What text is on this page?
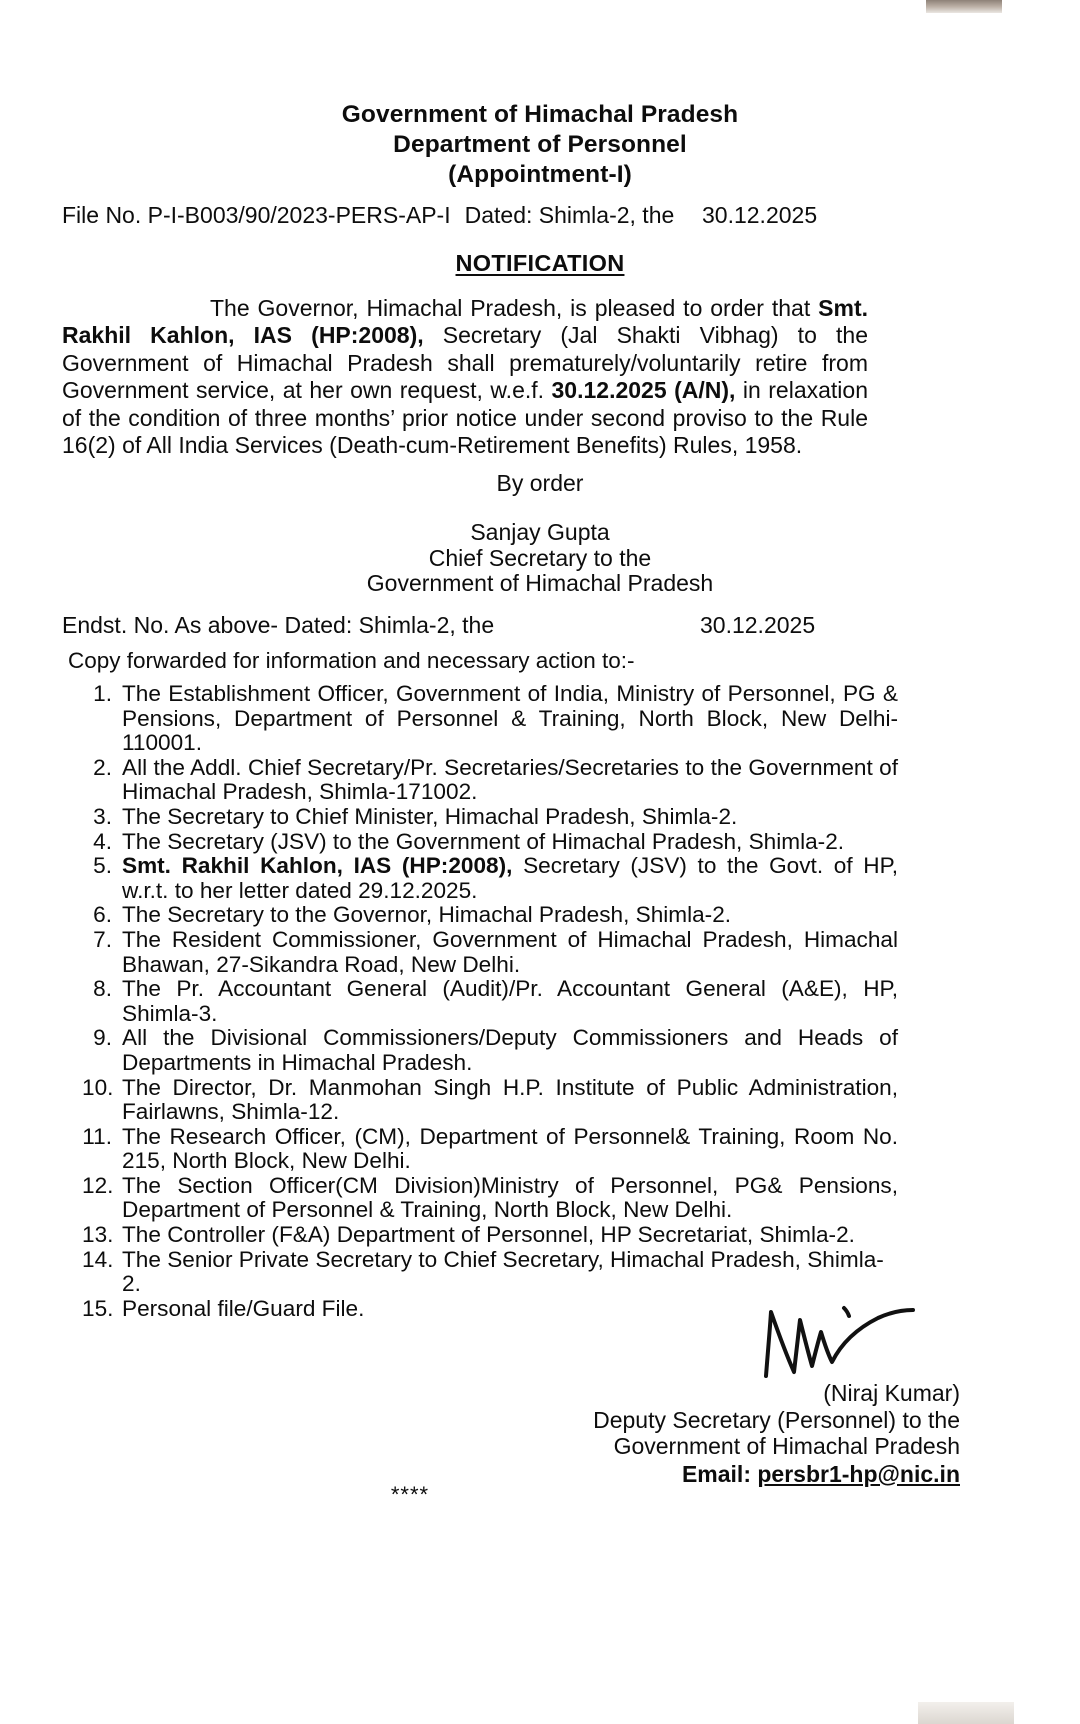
Government of Himachal Pradesh
Department of Personnel
(Appointment-I)
File No. P-I-B003/90/2023-PERS-AP-I Dated: Shimla-2, the 30.12.2025
NOTIFICATION
The Governor, Himachal Pradesh, is pleased to order that Smt. Rakhil Kahlon, IAS (HP:2008), Secretary (Jal Shakti Vibhag) to the Government of Himachal Pradesh shall prematurely/voluntarily retire from Government service, at her own request, w.e.f. 30.12.2025 (A/N), in relaxation of the condition of three months’ prior notice under second proviso to the Rule 16(2) of All India Services (Death-cum-Retirement Benefits) Rules, 1958.
By order
Sanjay Gupta
Chief Secretary to the
Government of Himachal Pradesh
Endst. No. As above- Dated: Shimla-2, the	30.12.2025
Copy forwarded for information and necessary action to:-
1. The Establishment Officer, Government of India, Ministry of Personnel, PG & Pensions, Department of Personnel & Training, North Block, New Delhi-110001.
2. All the Addl. Chief Secretary/Pr. Secretaries/Secretaries to the Government of Himachal Pradesh, Shimla-171002.
3. The Secretary to Chief Minister, Himachal Pradesh, Shimla-2.
4. The Secretary (JSV) to the Government of Himachal Pradesh, Shimla-2.
5. Smt. Rakhil Kahlon, IAS (HP:2008), Secretary (JSV) to the Govt. of HP, w.r.t. to her letter dated 29.12.2025.
6. The Secretary to the Governor, Himachal Pradesh, Shimla-2.
7. The Resident Commissioner, Government of Himachal Pradesh, Himachal Bhawan, 27-Sikandra Road, New Delhi.
8. The Pr. Accountant General (Audit)/Pr. Accountant General (A&E), HP, Shimla-3.
9. All the Divisional Commissioners/Deputy Commissioners and Heads of Departments in Himachal Pradesh.
10. The Director, Dr. Manmohan Singh H.P. Institute of Public Administration, Fairlawns, Shimla-12.
11. The Research Officer, (CM), Department of Personnel& Training, Room No. 215, North Block, New Delhi.
12. The Section Officer(CM Division)Ministry of Personnel, PG& Pensions, Department of Personnel & Training, North Block, New Delhi.
13. The Controller (F&A) Department of Personnel, HP Secretariat, Shimla-2.
14. The Senior Private Secretary to Chief Secretary, Himachal Pradesh, Shimla-2.
15. Personal file/Guard File.
(Niraj Kumar)
Deputy Secretary (Personnel) to the
Government of Himachal Pradesh
Email: persbr1-hp@nic.in
****
